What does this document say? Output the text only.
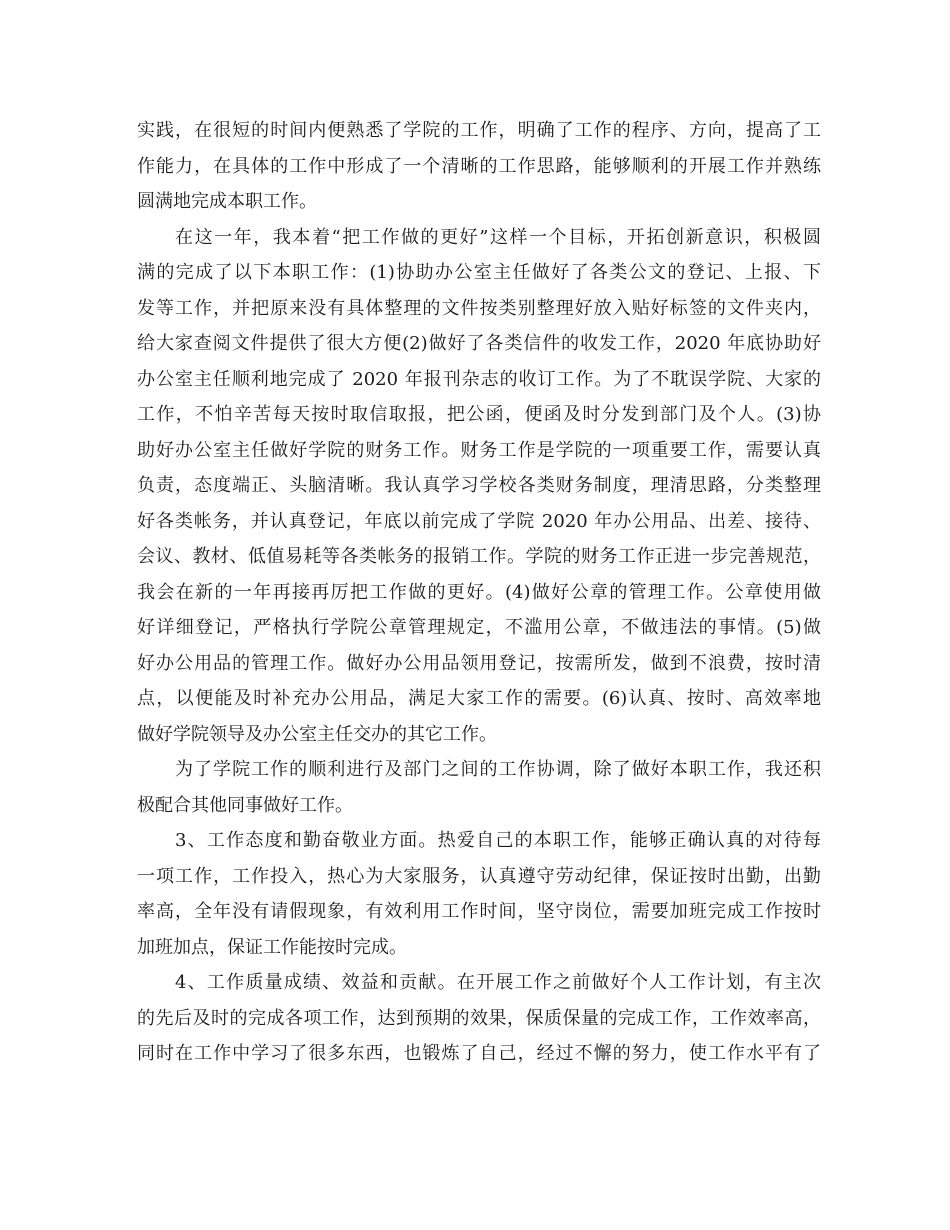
实践，在很短的时间内便熟悉了学院的工作，明确了工作的程序、方向，提高了工
作能力，在具体的工作中形成了一个清晰的工作思路，能够顺利的开展工作并熟练
圆满地完成本职工作。
在这一年，我本着“把工作做的更好”这样一个目标，开拓创新意识，积极圆
满的完成了以下本职工作：(1)协助办公室主任做好了各类公文的登记、上报、下
发等工作，并把原来没有具体整理的文件按类别整理好放入贴好标签的文件夹内，
给大家查阅文件提供了很大方便(2)做好了各类信件的收发工作，2020 年底协助好
办公室主任顺利地完成了 2020 年报刊杂志的收订工作。为了不耽误学院、大家的
工作，不怕辛苦每天按时取信取报，把公函，便函及时分发到部门及个人。(3)协
助好办公室主任做好学院的财务工作。财务工作是学院的一项重要工作，需要认真
负责，态度端正、头脑清晰。我认真学习学校各类财务制度，理清思路，分类整理
好各类帐务，并认真登记，年底以前完成了学院 2020 年办公用品、出差、接待、
会议、教材、低值易耗等各类帐务的报销工作。学院的财务工作正进一步完善规范，
我会在新的一年再接再厉把工作做的更好。(4)做好公章的管理工作。公章使用做
好详细登记，严格执行学院公章管理规定，不滥用公章，不做违法的事情。(5)做
好办公用品的管理工作。做好办公用品领用登记，按需所发，做到不浪费，按时清
点，以便能及时补充办公用品，满足大家工作的需要。(6)认真、按时、高效率地
做好学院领导及办公室主任交办的其它工作。
为了学院工作的顺利进行及部门之间的工作协调，除了做好本职工作，我还积
极配合其他同事做好工作。
3、工作态度和勤奋敬业方面。热爱自己的本职工作，能够正确认真的对待每
一项工作，工作投入，热心为大家服务，认真遵守劳动纪律，保证按时出勤，出勤
率高，全年没有请假现象，有效利用工作时间，坚守岗位，需要加班完成工作按时
加班加点，保证工作能按时完成。
4、工作质量成绩、效益和贡献。在开展工作之前做好个人工作计划，有主次
的先后及时的完成各项工作，达到预期的效果，保质保量的完成工作，工作效率高，
同时在工作中学习了很多东西，也锻炼了自己，经过不懈的努力，使工作水平有了
